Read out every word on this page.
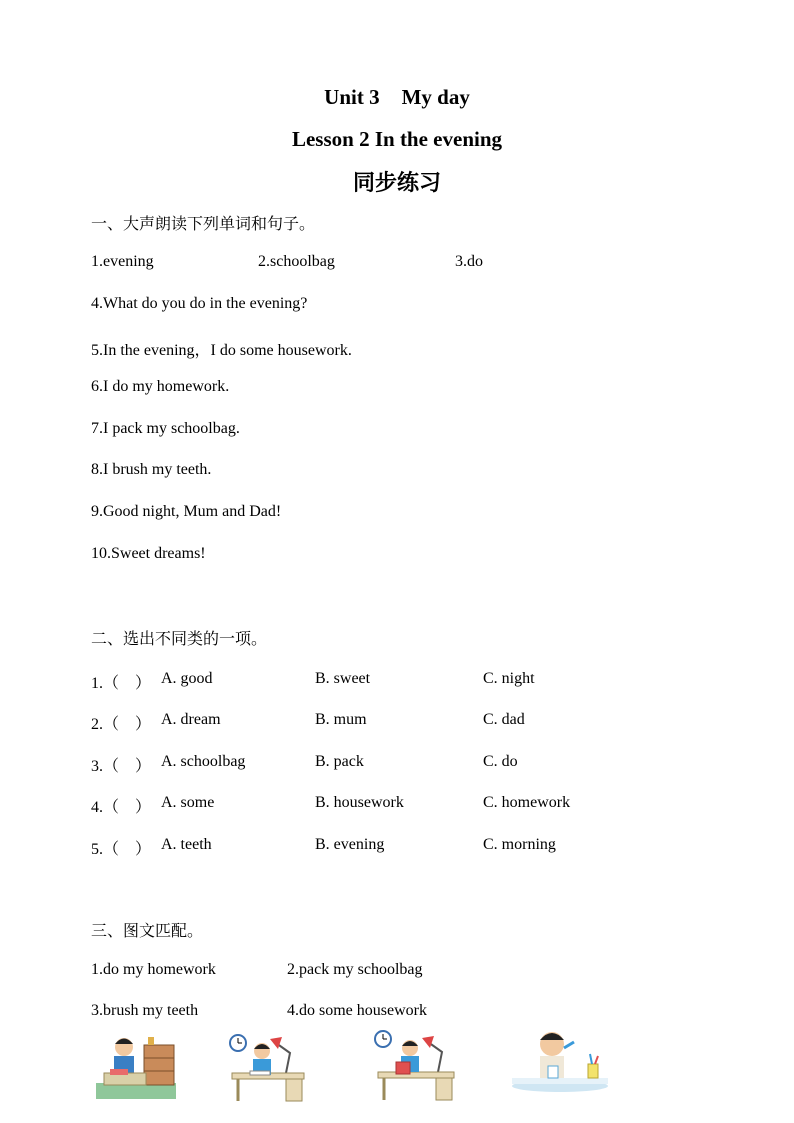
Unit 3 My day
Lesson 2 In the evening
同步练习
一、大声朗读下列单词和句子。
1.evening	2.schoolbag	3.do
4.What do you do in the evening?
5.In the evening，I do some housework.
6.I do my homework.
7.I pack my schoolbag.
8.I brush my teeth.
9.Good night, Mum and Dad!
10.Sweet dreams!
二、选出不同类的一项。
1.（　） A. good	B. sweet	C. night
2.（　） A. dream	B. mum	C. dad
3.（　） A. schoolbag	B. pack	C. do
4.（　） A. some	B. housework	C. homework
5.（　） A. teeth	B. evening	C. morning
三、图文匹配。
1.do my homework	2.pack my schoolbag
3.brush my teeth	4.do some housework
